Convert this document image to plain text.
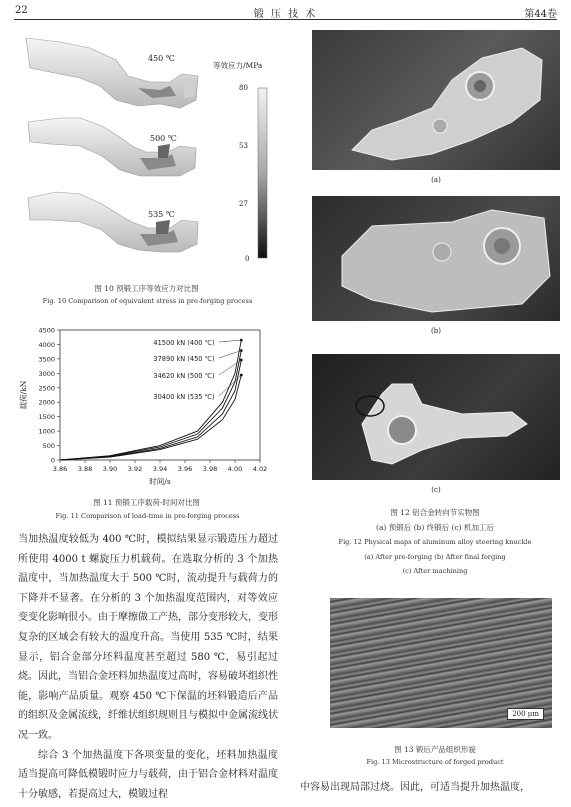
22	锻 压 技 术	第44卷
450 ℃
500 ℃
535 ℃
等效应力/MPa
80
53
27
0
图 10 预锻工序等效应力对比图
Fig. 10 Comparison of equivalent stress in pre-forging process
0
500
1000
1500
2000
2500
3000
3500
4000
4500
3.86 3.88 3.90 3.92 3.94 3.96 3.98 4.00 4.02
时间/s
载荷/kN
41500 kN (400 ℃)
37890 kN (450 ℃)
34620 kN (500 ℃)
30400 kN (535 ℃)
图 11 预锻工序载荷-时间对比图
Fig. 11 Comparison of load-time in pre-forging process

当加热温度较低为 400 ℃时，模拟结果显示锻造压力超过所使用 4000 t 螺旋压力机载荷。在选取分析的 3 个加热温度中，当加热温度大于 500 ℃时，流动提升与载荷力的下降并不显著。在分析的 3 个加热温度范围内，对等效应变变化影响很小。由于摩擦做工产热，部分变形较大，变形复杂的区域会有较大的温度升高。当使用 535 ℃时，结果显示，铝合金部分坯料温度甚至超过 580 ℃，易引起过烧。因此，当铝合金坯料加热温度过高时，容易破坏组织性能，影响产品质量。观察 450 ℃下保温的坯料锻造后产品的组织及金属流线，纤维状组织规则且与模拟中金属流线状况一致。

综合 3 个加热温度下各项变量的变化，坯料加热温度适当提高可降低模锻时应力与载荷，由于铝合金材料对温度十分敏感，若提高过大，模锻过程

(a)
(b)
(c)
图 12 铝合金转向节实物图
(a) 预锻后 (b) 终锻后 (c) 机加工后
Fig. 12 Physical maps of aluminum alloy steering knuckle
(a) After pre-forging (b) After final forging
(c) After machining
200 μm
图 13 锻后产品组织形貌
Fig. 13 Microstructure of forged product

中容易出现局部过烧。因此，可适当提升加热温度，
